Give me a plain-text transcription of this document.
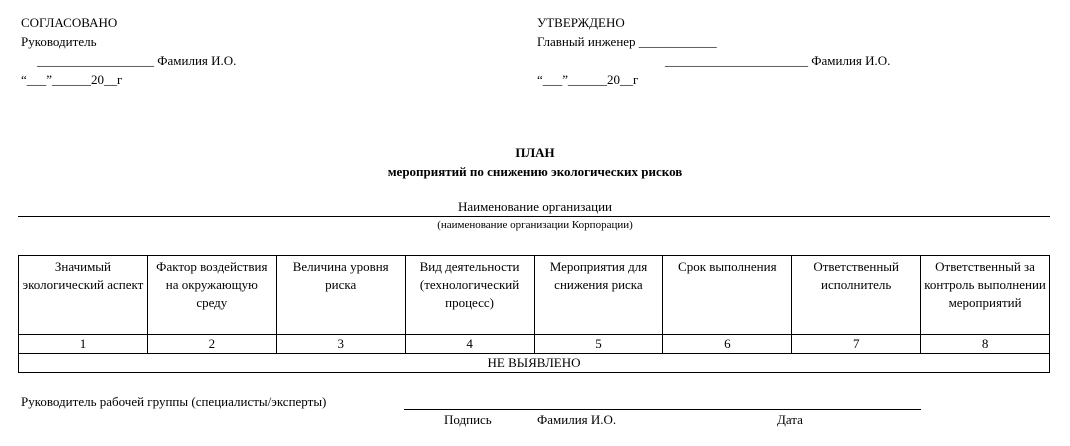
СОГЛАСОВАНО
Руководитель
__________________ Фамилия И.О.
“___”______20__г
УТВЕРЖДЕНО
Главный инженер ____________
______________________ Фамилия И.О.
“___”______20__г
ПЛАН
мероприятий по снижению экологических рисков
Наименование организации
(наименование организации Корпорации)
Значимый экологический аспект	Фактор воздействия на окружающую среду	Величина уровня риска	Вид деятельности (технологический процесс)	Мероприятия для снижения риска	Срок выполнения	Ответственный исполнитель	Ответственный за контроль выполнении мероприятий
1	2	3	4	5	6	7	8
НЕ ВЫЯВЛЕНО							
Руководитель рабочей группы (специалисты/эксперты)
Подпись	Фамилия И.О.	Дата
